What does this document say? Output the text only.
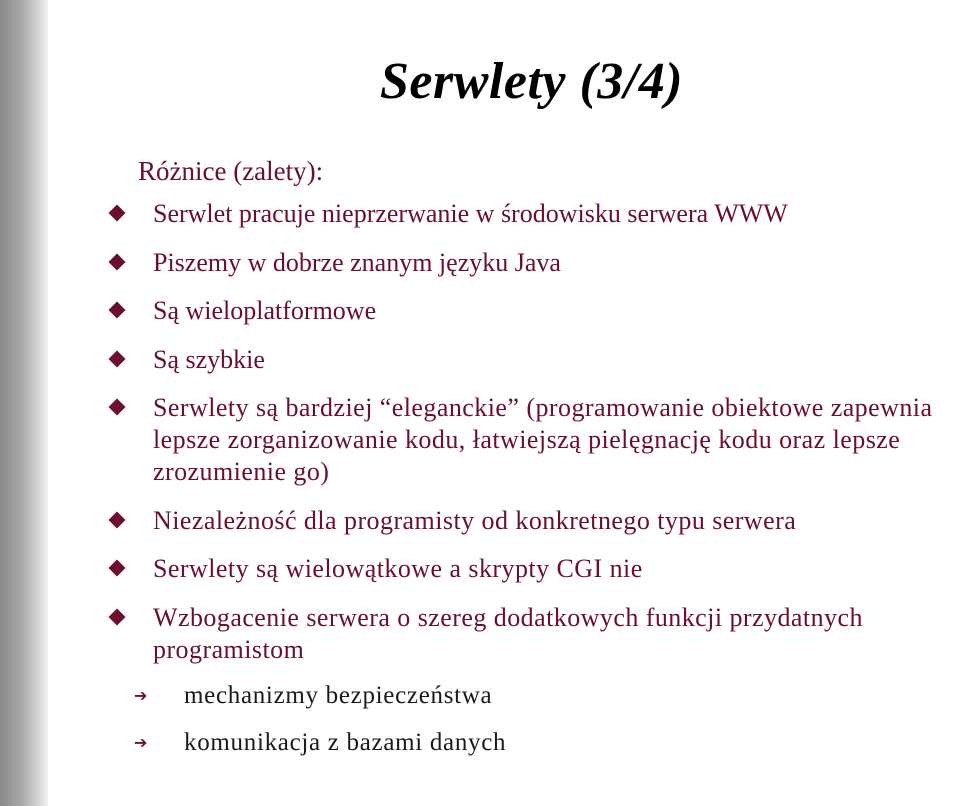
Serwlety (3/4)
Różnice (zalety):
Serwlet pracuje nieprzerwanie w środowisku serwera WWW
Piszemy w dobrze znanym języku Java
Są wieloplatformowe
Są szybkie
Serwlety są bardziej “eleganckie” (programowanie obiektowe zapewnia lepsze zorganizowanie kodu, łatwiejszą pielęgnację kodu oraz lepsze zrozumienie go)
Niezależność dla programisty od konkretnego typu serwera
Serwlety są wielowątkowe a skrypty CGI nie
Wzbogacenie serwera o szereg dodatkowych funkcji przydatnych programistom
➔ mechanizmy bezpieczeństwa
➔ komunikacja z bazami danych
